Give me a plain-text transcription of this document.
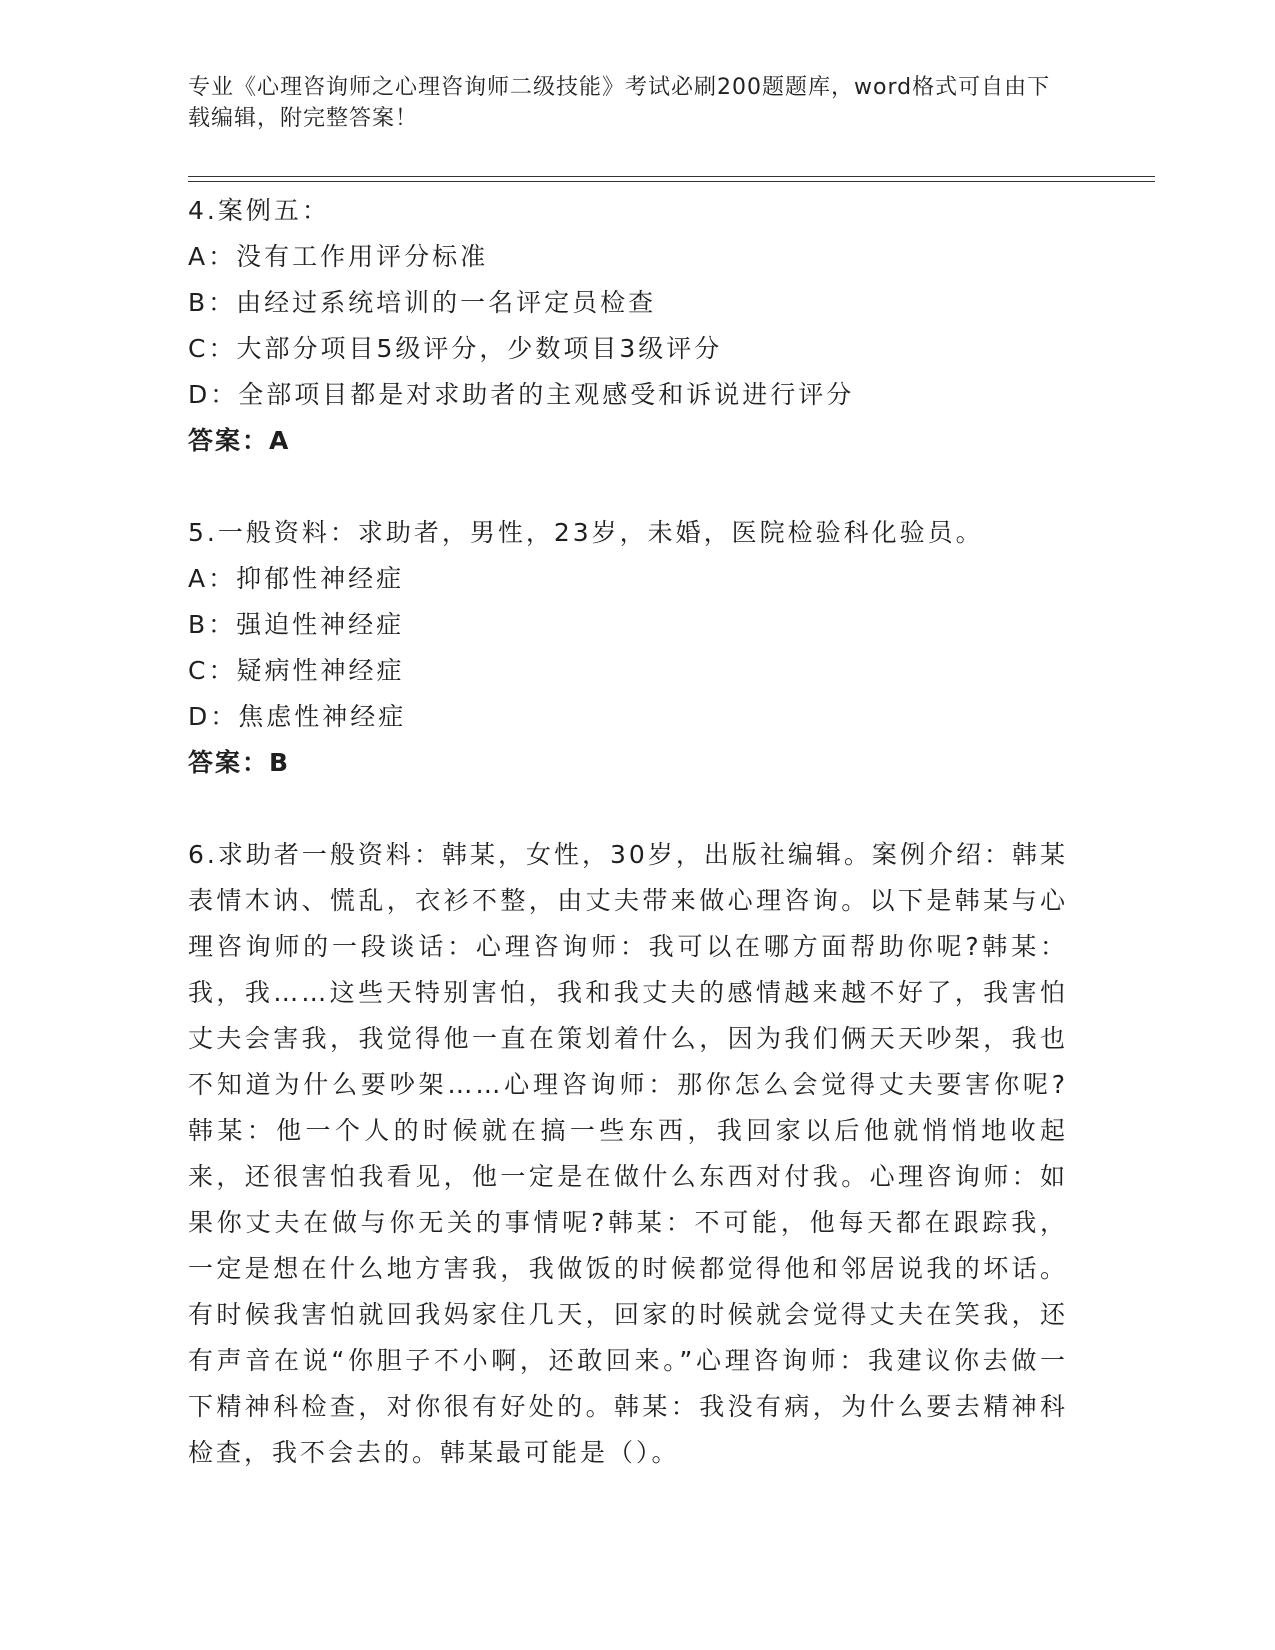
专业《心理咨询师之心理咨询师二级技能》考试必刷200题题库，word格式可自由下载编辑，附完整答案！
4.案例五：
A：没有工作用评分标准
B：由经过系统培训的一名评定员检查
C：大部分项目5级评分，少数项目3级评分
D：全部项目都是对求助者的主观感受和诉说进行评分
答案：A
5.一般资料：求助者，男性，23岁，未婚，医院检验科化验员。
A：抑郁性神经症
B：强迫性神经症
C：疑病性神经症
D：焦虑性神经症
答案：B
6.求助者一般资料：韩某，女性，30岁，出版社编辑。案例介绍：韩某表情木讷、慌乱，衣衫不整，由丈夫带来做心理咨询。以下是韩某与心理咨询师的一段谈话：心理咨询师：我可以在哪方面帮助你呢?韩某：我，我……这些天特别害怕，我和我丈夫的感情越来越不好了，我害怕丈夫会害我，我觉得他一直在策划着什么，因为我们俩天天吵架，我也不知道为什么要吵架……心理咨询师：那你怎么会觉得丈夫要害你呢?韩某：他一个人的时候就在搞一些东西，我回家以后他就悄悄地收起来，还很害怕我看见，他一定是在做什么东西对付我。心理咨询师：如果你丈夫在做与你无关的事情呢?韩某：不可能，他每天都在跟踪我，一定是想在什么地方害我，我做饭的时候都觉得他和邻居说我的坏话。有时候我害怕就回我妈家住几天，回家的时候就会觉得丈夫在笑我，还有声音在说“你胆子不小啊，还敢回来。”心理咨询师：我建议你去做一下精神科检查，对你很有好处的。韩某：我没有病，为什么要去精神科检查，我不会去的。韩某最可能是（）。
